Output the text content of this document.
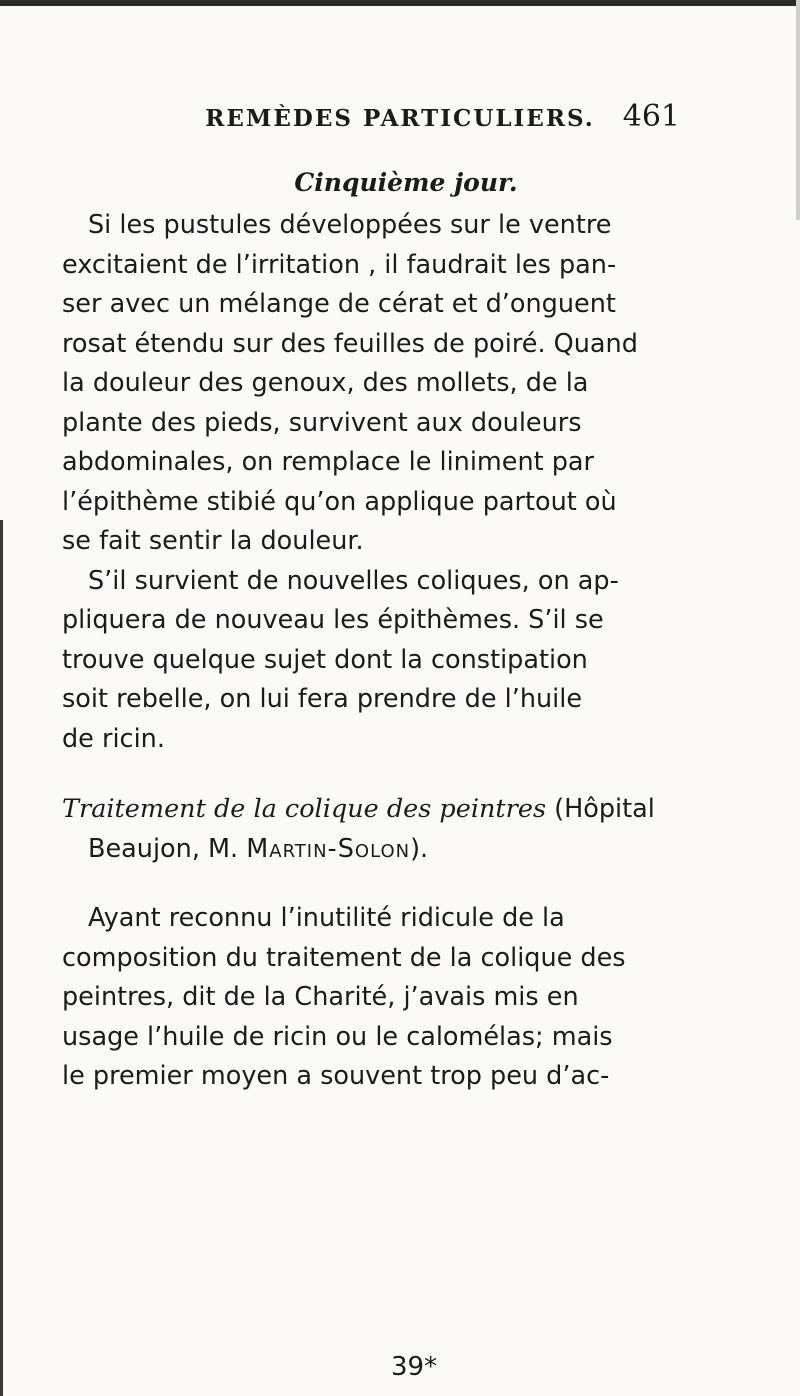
REMÈDES PARTICULIERS. 461
Cinquième jour.

Si les pustules développées sur le ventre
excitaient de l’irritation , il faudrait les pan-
ser avec un mélange de cérat et d’onguent
rosat étendu sur des feuilles de poiré. Quand
la douleur des genoux, des mollets, de la
plante des pieds, survivent aux douleurs
abdominales, on remplace le liniment par
l’épithème stibié qu’on applique partout où
se fait sentir la douleur.

S’il survient de nouvelles coliques, on ap-
pliquera de nouveau les épithèmes. S’il se
trouve quelque sujet dont la constipation
soit rebelle, on lui fera prendre de l’huile
de ricin.

Traitement de la colique des peintres (Hôpital
Beaujon, M. Martin-Solon).

Ayant reconnu l’inutilité ridicule de la
composition du traitement de la colique des
peintres, dit de la Charité, j’avais mis en
usage l’huile de ricin ou le calomélas; mais
le premier moyen a souvent trop peu d’ac-

39*
